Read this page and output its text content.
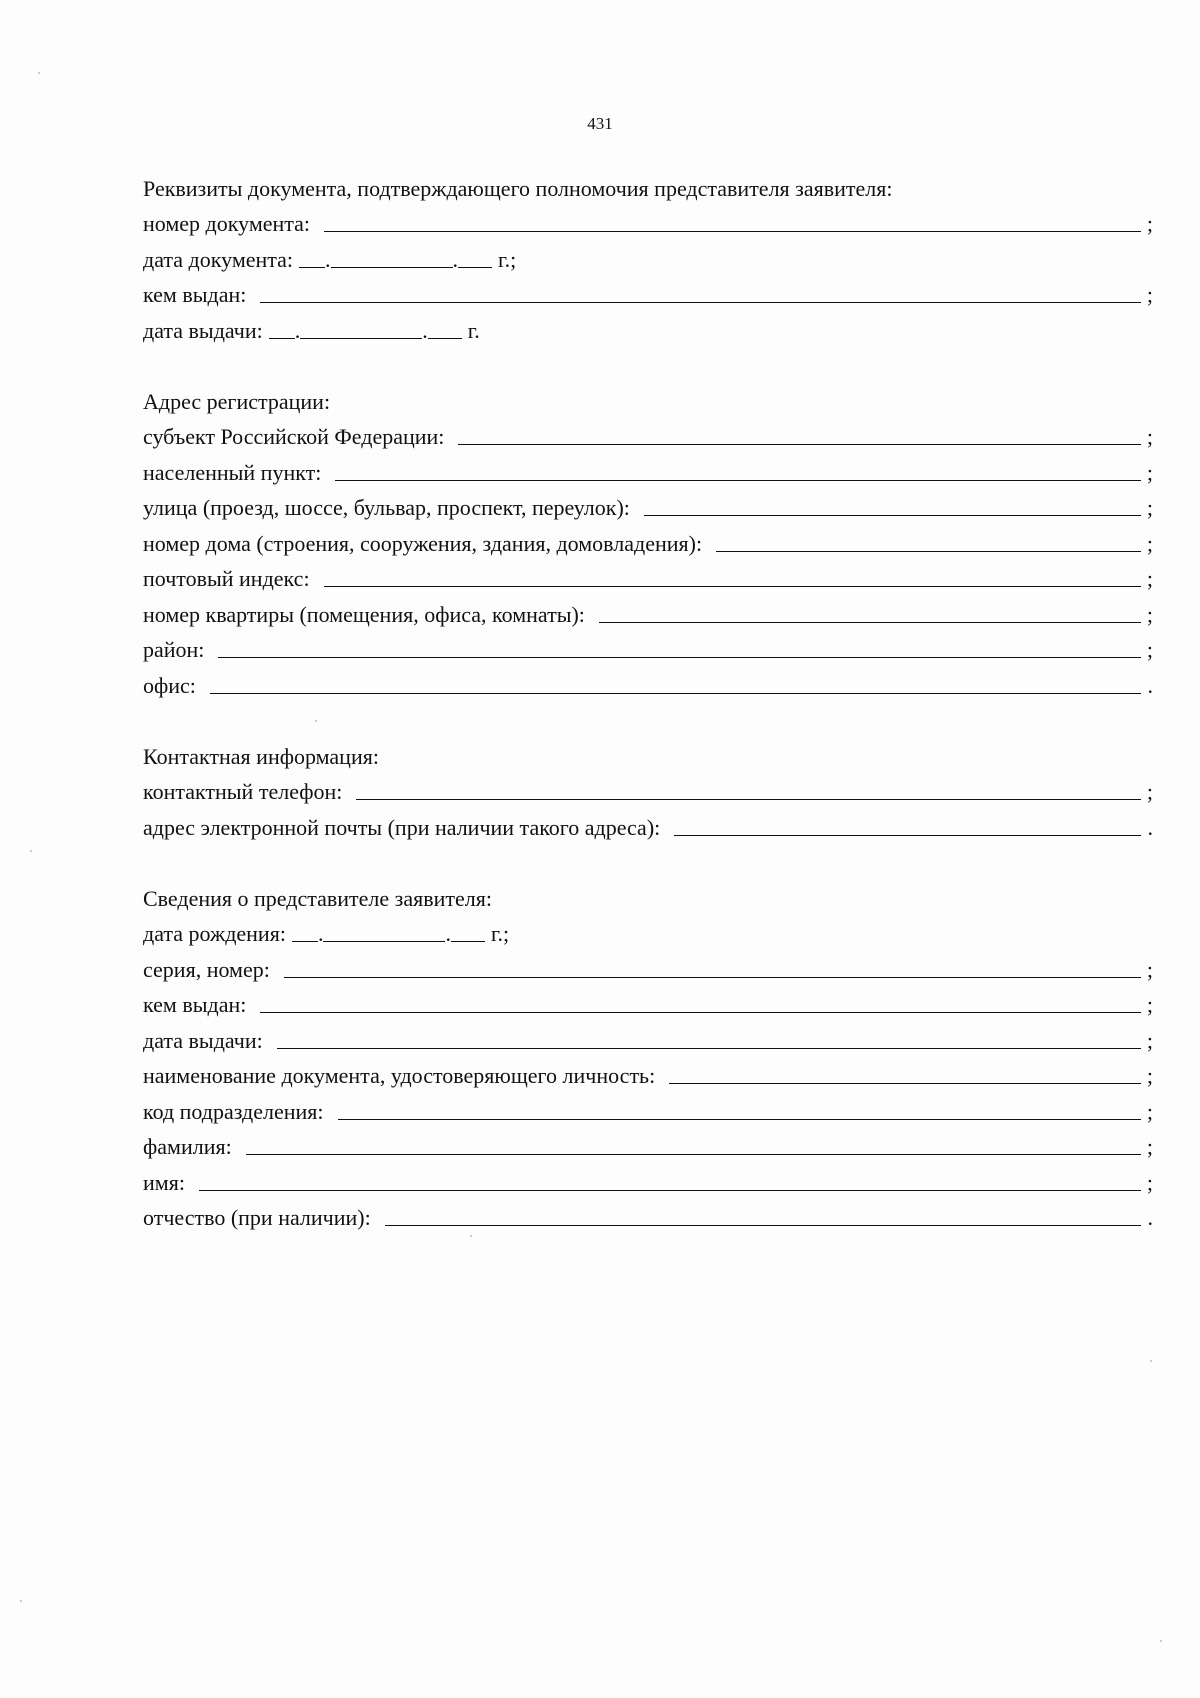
431
Реквизиты документа, подтверждающего полномочия представителя заявителя:
номер документа:	;
дата документа: .	. г.;
кем выдан:	;
дата выдачи: .	. г.
Адрес регистрации:
субъект Российской Федерации:	;
населенный пункт:	;
улица (проезд, шоссе, бульвар, проспект, переулок):	;
номер дома (строения, сооружения, здания, домовладения):	;
почтовый индекс:	;
номер квартиры (помещения, офиса, комнаты):	;
район:	;
офис:	.
Контактная информация:
контактный телефон:	;
адрес электронной почты (при наличии такого адреса):	.
Сведения о представителе заявителя:
дата рождения: .	. г.;
серия, номер:	;
кем выдан:	;
дата выдачи:	;
наименование документа, удостоверяющего личность:	;
код подразделения:	;
фамилия:	;
имя:	;
отчество (при наличии):	.
